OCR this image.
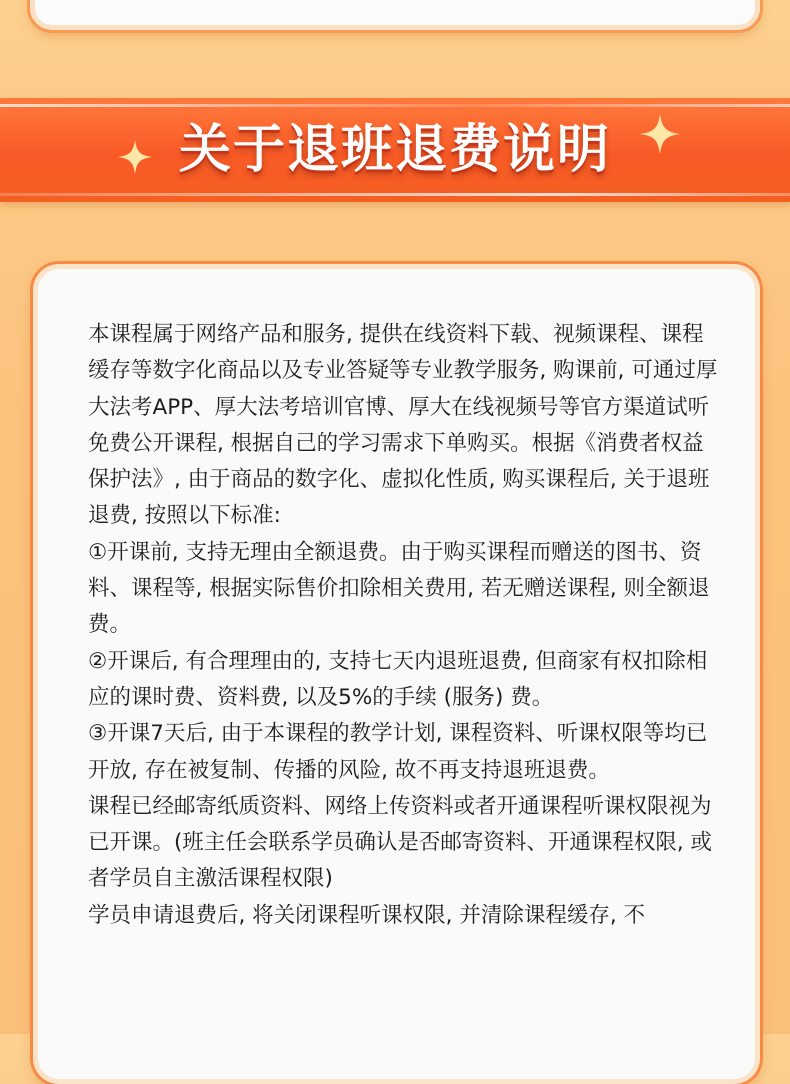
关于退班退费说明

本课程属于网络产品和服务, 提供在线资料下载、视频课程、课程缓存等数字化商品以及专业答疑等专业教学服务, 购课前, 可通过厚大法考APP、厚大法考培训官博、厚大在线视频号等官方渠道试听免费公开课程, 根据自己的学习需求下单购买。根据《消费者权益保护法》, 由于商品的数字化、虚拟化性质, 购买课程后, 关于退班退费, 按照以下标准:

①开课前, 支持无理由全额退费。由于购买课程而赠送的图书、资料、课程等, 根据实际售价扣除相关费用, 若无赠送课程, 则全额退费。

②开课后, 有合理理由的, 支持七天内退班退费, 但商家有权扣除相应的课时费、资料费, 以及5%的手续 (服务) 费。

③开课7天后, 由于本课程的教学计划, 课程资料、听课权限等均已开放, 存在被复制、传播的风险, 故不再支持退班退费。

课程已经邮寄纸质资料、网络上传资料或者开通课程听课权限视为已开课。(班主任会联系学员确认是否邮寄资料、开通课程权限, 或者学员自主激活课程权限)

学员申请退费后, 将关闭课程听课权限, 并清除课程缓存, 不
